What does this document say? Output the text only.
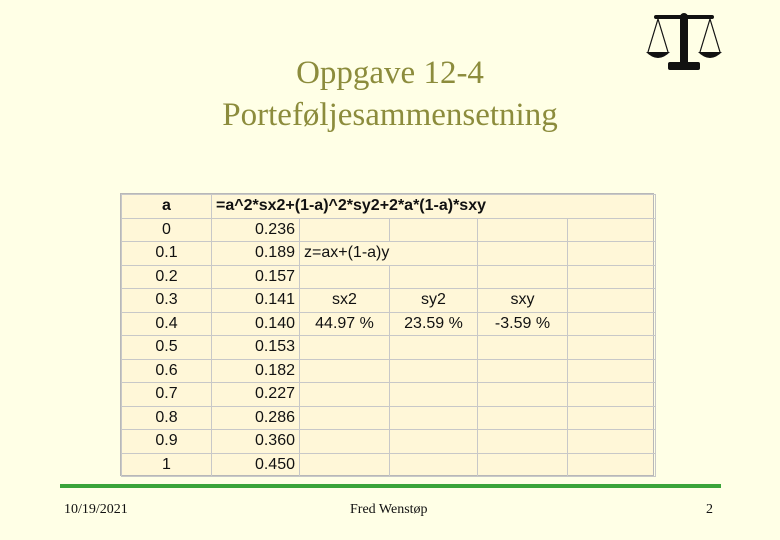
Oppgave 12-4
Porteføljesammensetning
a	=a^2*sx2+(1-a)^2*sy2+2*a*(1-a)*sxy				
0	0.236				
0.1	0.189	z=ax+(1-a)y			
0.2	0.157				
0.3	0.141	sx2	sy2	sxy	
0.4	0.140	44.97 %	23.59 %	-3.59 %	
0.5	0.153				
0.6	0.182				
0.7	0.227				
0.8	0.286				
0.9	0.360				
1	0.450				
10/19/2021	Fred Wenstøp	2
